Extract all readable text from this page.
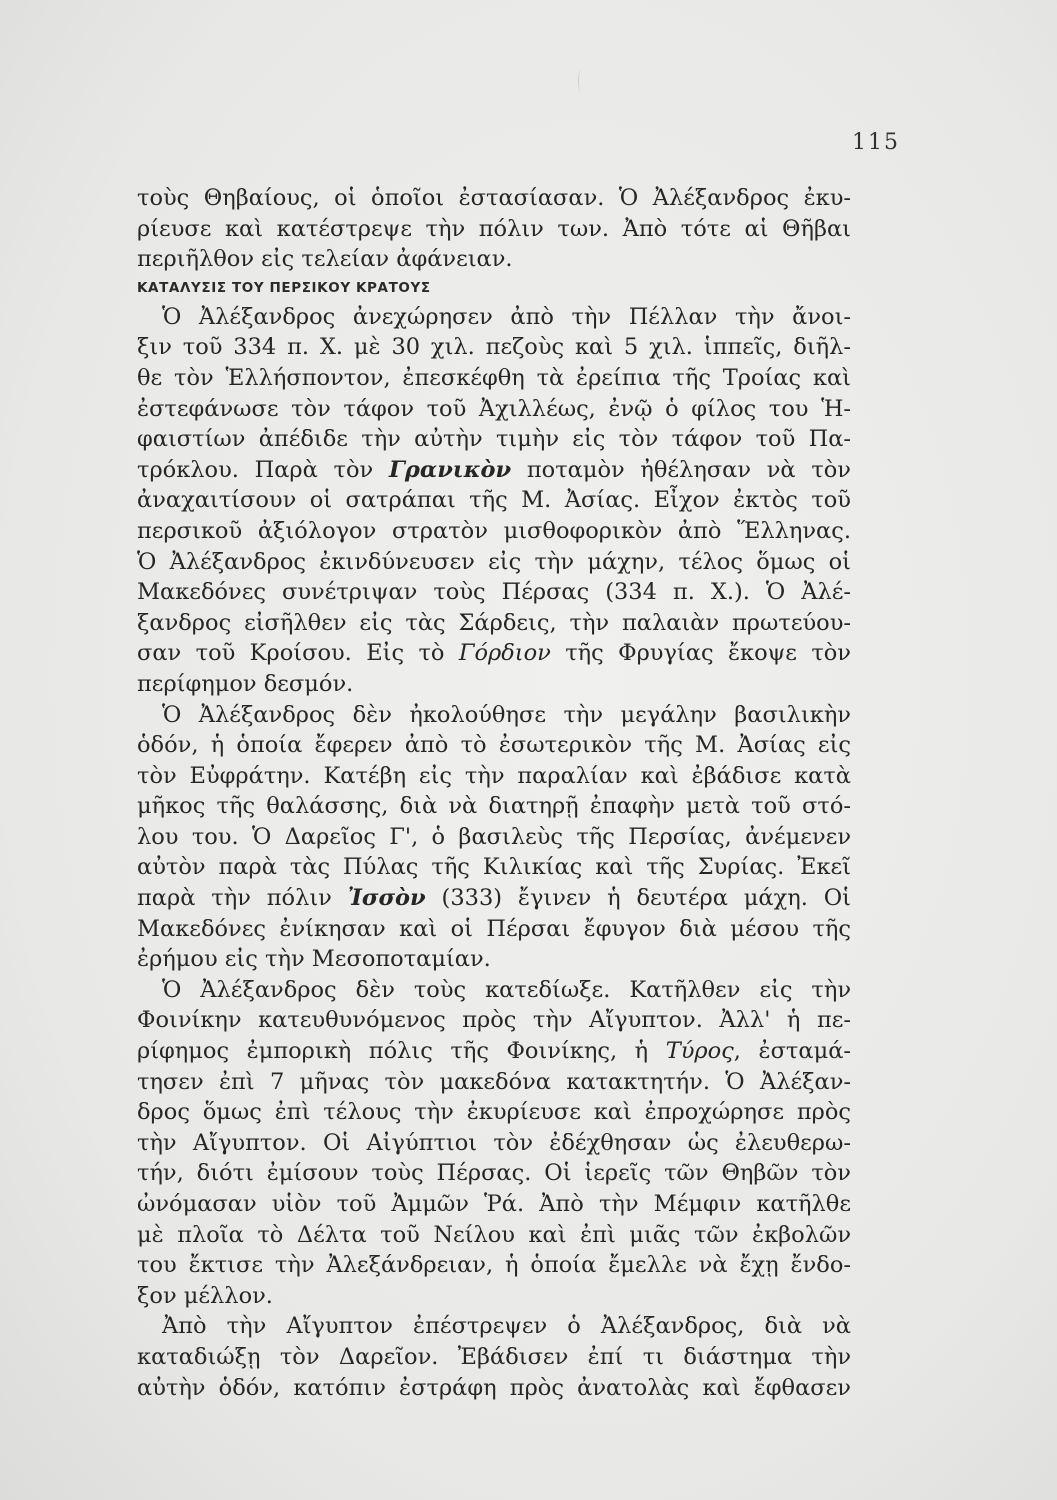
115
τοὺς Θηβαίους, οἱ ὁποῖοι ἐστασίασαν. Ὁ Ἀλέξανδρος ἐκυ-
ρίευσε καὶ κατέστρεψε τὴν πόλιν των. Ἀπὸ τότε αἱ Θῆβαι
περιῆλθον εἰς τελείαν ἀφάνειαν.
ΚΑΤΑΛΥΣΙΣ ΤΟΥ ΠΕΡΣΙΚΟΥ ΚΡΑΤΟΥΣ
Ὁ Ἀλέξανδρος ἀνεχώρησεν ἀπὸ τὴν Πέλλαν τὴν ἄνοι-
ξιν τοῦ 334 π. Χ. μὲ 30 χιλ. πεζοὺς καὶ 5 χιλ. ἱππεῖς, διῆλ-
θε τὸν Ἑλλήσποντον, ἐπεσκέφθη τὰ ἐρείπια τῆς Τροίας καὶ
ἐστεφάνωσε τὸν τάφον τοῦ Ἀχιλλέως, ἐνῷ ὁ φίλος του Ἡ-
φαιστίων ἀπέδιδε τὴν αὐτὴν τιμὴν εἰς τὸν τάφον τοῦ Πα-
τρόκλου. Παρὰ τὸν Γρανικὸν ποταμὸν ἠθέλησαν νὰ τὸν
ἀναχαιτίσουν οἱ σατράπαι τῆς Μ. Ἀσίας. Εἶχον ἐκτὸς τοῦ
περσικοῦ ἀξιόλογον στρατὸν μισθοφορικὸν ἀπὸ Ἕλληνας.
Ὁ Ἀλέξανδρος ἐκινδύνευσεν εἰς τὴν μάχην, τέλος ὅμως οἱ
Μακεδόνες συνέτριψαν τοὺς Πέρσας (334 π. Χ.). Ὁ Ἀλέ-
ξανδρος εἰσῆλθεν εἰς τὰς Σάρδεις, τὴν παλαιὰν πρωτεύου-
σαν τοῦ Κροίσου. Εἰς τὸ Γόρδιον τῆς Φρυγίας ἔκοψε τὸν
περίφημον δεσμόν.
Ὁ Ἀλέξανδρος δὲν ἠκολούθησε τὴν μεγάλην βασιλικὴν
ὁδόν, ἡ ὁποία ἔφερεν ἀπὸ τὸ ἐσωτερικὸν τῆς Μ. Ἀσίας εἰς
τὸν Εὐφράτην. Κατέβη εἰς τὴν παραλίαν καὶ ἐβάδισε κατὰ
μῆκος τῆς θαλάσσης, διὰ νὰ διατηρῇ ἐπαφὴν μετὰ τοῦ στό-
λου του. Ὁ Δαρεῖος Γ', ὁ βασιλεὺς τῆς Περσίας, ἀνέμενεν
αὐτὸν παρὰ τὰς Πύλας τῆς Κιλικίας καὶ τῆς Συρίας. Ἐκεῖ
παρὰ τὴν πόλιν Ἰσσὸν (333) ἔγινεν ἡ δευτέρα μάχη. Οἱ
Μακεδόνες ἐνίκησαν καὶ οἱ Πέρσαι ἔφυγον διὰ μέσου τῆς
ἐρήμου εἰς τὴν Μεσοποταμίαν.
Ὁ Ἀλέξανδρος δὲν τοὺς κατεδίωξε. Κατῆλθεν εἰς τὴν
Φοινίκην κατευθυνόμενος πρὸς τὴν Αἴγυπτον. Ἀλλ' ἡ πε-
ρίφημος ἐμπορικὴ πόλις τῆς Φοινίκης, ἡ Τύρος, ἐσταμά-
τησεν ἐπὶ 7 μῆνας τὸν μακεδόνα κατακτητήν. Ὁ Ἀλέξαν-
δρος ὅμως ἐπὶ τέλους τὴν ἐκυρίευσε καὶ ἐπροχώρησε πρὸς
τὴν Αἴγυπτον. Οἱ Αἰγύπτιοι τὸν ἐδέχθησαν ὡς ἐλευθερω-
τήν, διότι ἐμίσουν τοὺς Πέρσας. Οἱ ἱερεῖς τῶν Θηβῶν τὸν
ὠνόμασαν υἱὸν τοῦ Ἀμμῶν Ῥά. Ἀπὸ τὴν Μέμφιν κατῆλθε
μὲ πλοῖα τὸ Δέλτα τοῦ Νείλου καὶ ἐπὶ μιᾶς τῶν ἐκβολῶν
του ἔκτισε τὴν Ἀλεξάνδρειαν, ἡ ὁποία ἔμελλε νὰ ἔχῃ ἔνδο-
ξον μέλλον.
Ἀπὸ τὴν Αἴγυπτον ἐπέστρεψεν ὁ Ἀλέξανδρος, διὰ νὰ
καταδιώξῃ τὸν Δαρεῖον. Ἐβάδισεν ἐπί τι διάστημα τὴν
αὐτὴν ὁδόν, κατόπιν ἐστράφη πρὸς ἀνατολὰς καὶ ἔφθασεν
